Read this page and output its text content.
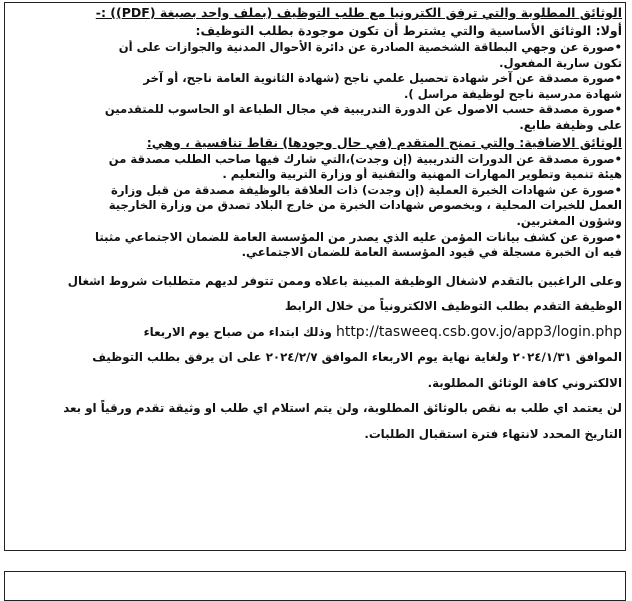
الوثائق المطلوبة والتي ترفق الكترونيا مع طلب التوظيف (بملف واحد بصيغة (PDF)) :-
أولا: الوثائق الأساسية والتي يشترط أن تكون موجودة بطلب التوظيف:
•صورة عن وجهي البطاقة الشخصية الصادرة عن دائرة الأحوال المدنية والجوازات على أن
تكون سارية المفعول.
•صورة مصدقة عن آخر شهادة تحصيل علمي ناجح (شهادة الثانوية العامة ناجح، أو آخر
شهادة مدرسية ناجح لوظيفة مراسل ).
•صورة مصدقة حسب الاصول عن الدورة التدريبية في مجال الطباعة او الحاسوب للمتقدمين
على وظيفة طابع.
الوثائق الاضافية: والتي تمنح المتقدم (في حال وجودها) نقاط تنافسية ، وهي:
•صورة مصدقة عن الدورات التدريبية (إن وجدت)،التي شارك فيها صاحب الطلب مصدقة من
هيئة تنمية وتطوير المهارات المهنية والتقنية أو وزارة التربية والتعليم .
•صورة عن شهادات الخبرة العملية (إن وجدت) ذات العلاقة بالوظيفة مصدقة من قبل وزارة
العمل للخبرات المحلية ، وبخصوص شهادات الخبرة من خارج البلاد تصدق من وزارة الخارجية
وشؤون المغتربين.
•صورة عن كشف بيانات المؤمن عليه الذي يصدر من المؤسسة العامة للضمان الاجتماعي مثبتا
فيه ان الخبرة مسجلة في قيود المؤسسة العامة للضمان الاجتماعي.
وعلى الراغبين بالتقدم لاشغال الوظيفة المبينة باعلاه وممن تتوفر لديهم متطلبات شروط اشغال
الوظيفة التقدم بطلب التوظيف الالكترونياً من خلال الرابط
http://tasweeq.csb.gov.jo/app3/login.php وذلك ابتداء من صباح يوم الاربعاء
الموافق ٢٠٢٤/١/٣١ ولغاية نهاية يوم الاربعاء الموافق ٢٠٢٤/٢/٧ على ان يرفق بطلب التوظيف
الالكتروني كافة الوثائق المطلوبة.
لن يعتمد اي طلب به نقص بالوثائق المطلوبة، ولن يتم استلام اي طلب او وثيقة تقدم ورقياً او بعد
التاريخ المحدد لانتهاء فترة استقبال الطلبات.
